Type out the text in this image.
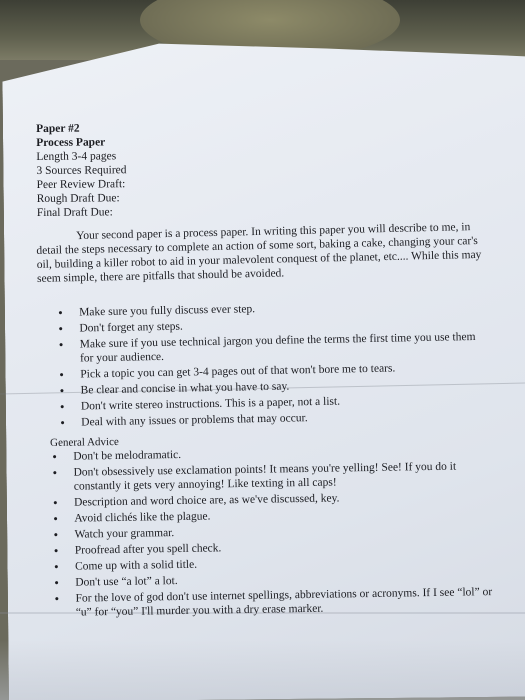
Paper #2
Process Paper
Length 3-4 pages
3 Sources Required
Peer Review Draft:
Rough Draft Due:
Final Draft Due:

Your second paper is a process paper. In writing this paper you will describe to me, in detail the steps necessary to complete an action of some sort, baking a cake, changing your car's oil, building a killer robot to aid in your malevolent conquest of the planet, etc.... While this may seem simple, there are pitfalls that should be avoided.

• Make sure you fully discuss ever step.
• Don't forget any steps.
• Make sure if you use technical jargon you define the terms the first time you use them for your audience.
• Pick a topic you can get 3-4 pages out of that won't bore me to tears.
• Be clear and concise in what you have to say.
• Don't write stereo instructions. This is a paper, not a list.
• Deal with any issues or problems that may occur.
General Advice
• Don't be melodramatic.
• Don't obsessively use exclamation points! It means you're yelling! See! If you do it constantly it gets very annoying! Like texting in all caps!
• Description and word choice are, as we've discussed, key.
• Avoid clichés like the plague.
• Watch your grammar.
• Proofread after you spell check.
• Come up with a solid title.
• Don't use “a lot” a lot.
• For the love of god don't use internet spellings, abbreviations or acronyms. If I see “lol” or “u” for “you” I'll murder you with a dry erase marker.
